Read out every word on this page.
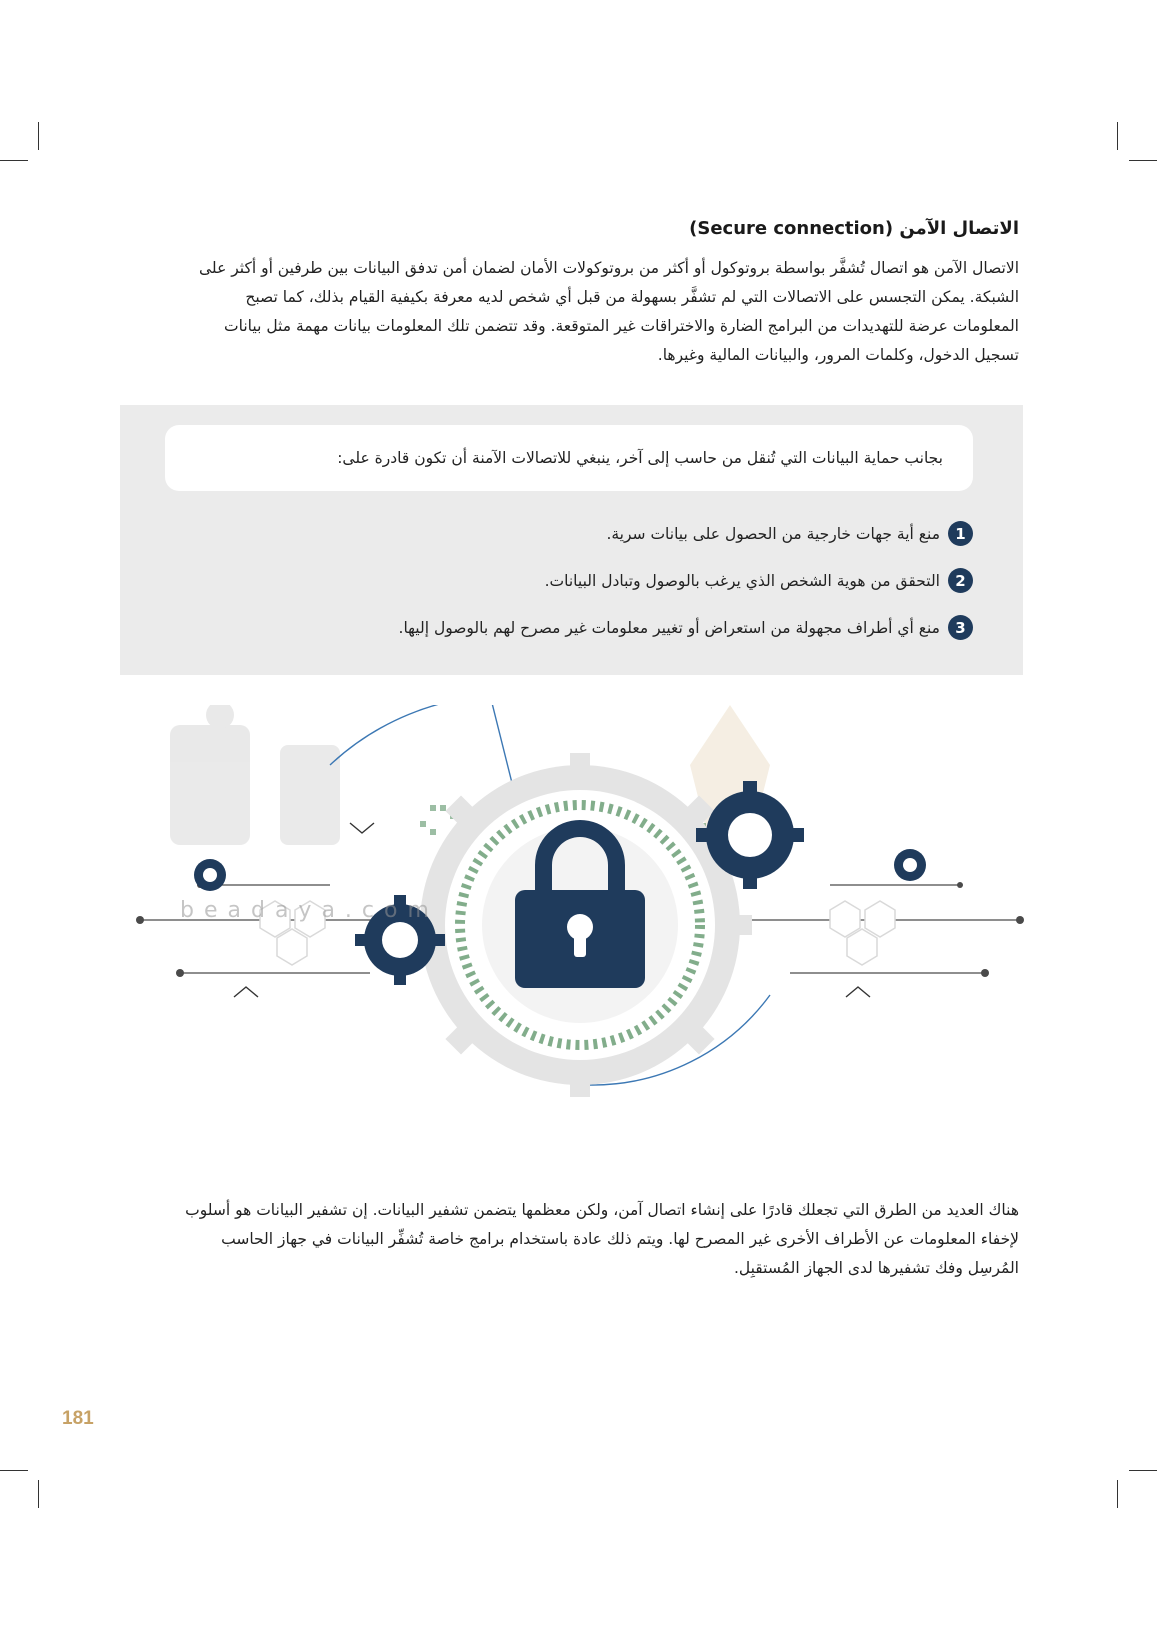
الاتصال الآمن (Secure connection)
الاتصال الآمن هو اتصال تُشفَّر بواسطة بروتوكول أو أكثر من بروتوكولات الأمان لضمان أمن تدفق البيانات بين طرفين أو أكثر على
الشبكة. يمكن التجسس على الاتصالات التي لم تشفَّر بسهولة من قبل أي شخص لديه معرفة بكيفية القيام بذلك، كما تصبح
المعلومات عرضة للتهديدات من البرامج الضارة والاختراقات غير المتوقعة. وقد تتضمن تلك المعلومات بيانات مهمة مثل بيانات
تسجيل الدخول، وكلمات المرور، والبيانات المالية وغيرها.
بجانب حماية البيانات التي تُنقل من حاسب إلى آخر، ينبغي للاتصالات الآمنة أن تكون قادرة على:
1
منع أية جهات خارجية من الحصول على بيانات سرية.
2
التحقق من هوية الشخص الذي يرغب بالوصول وتبادل البيانات.
3
منع أي أطراف مجهولة من استعراض أو تغيير معلومات غير مصرح لهم بالوصول إليها.
beadaya.com
هناك العديد من الطرق التي تجعلك قادرًا على إنشاء اتصال آمن، ولكن معظمها يتضمن تشفير البيانات. إن تشفير البيانات هو أسلوب
لإخفاء المعلومات عن الأطراف الأخرى غير المصرح لها. ويتم ذلك عادة باستخدام برامج خاصة تُشفِّر البيانات في جهاز الحاسب
المُرسِل وفك تشفيرها لدى الجهاز المُستقبِل.
181
